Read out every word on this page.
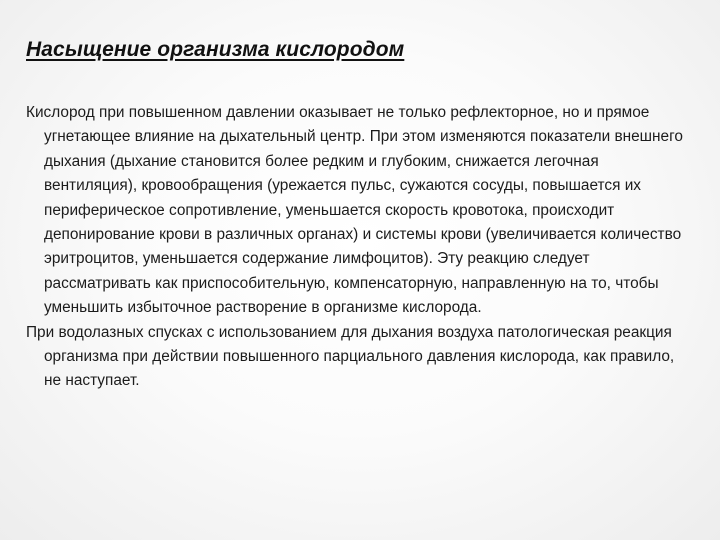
Насыщение организма кислородом

Кислород при повышенном давлении оказывает не только рефлекторное, но и прямое угнетающее влияние на дыхательный центр. При этом изменяются показатели внешнего дыхания (дыхание становится более редким и глубоким, снижается легочная вентиляция), кровообращения (урежается пульс, сужаются сосуды, повышается их периферическое сопротивление, уменьшается скорость кровотока, происходит депонирование крови в различных органах) и системы крови (увеличивается количество эритроцитов, уменьшается содержание лимфоцитов). Эту реакцию следует рассматривать как приспособительную, компенсаторную, направленную на то, чтобы уменьшить избыточное растворение в организме кислорода.

При водолазных спусках с использованием для дыхания воздуха патологическая реакция организма при действии повышенного парциального давления кислорода, как правило, не наступает.
